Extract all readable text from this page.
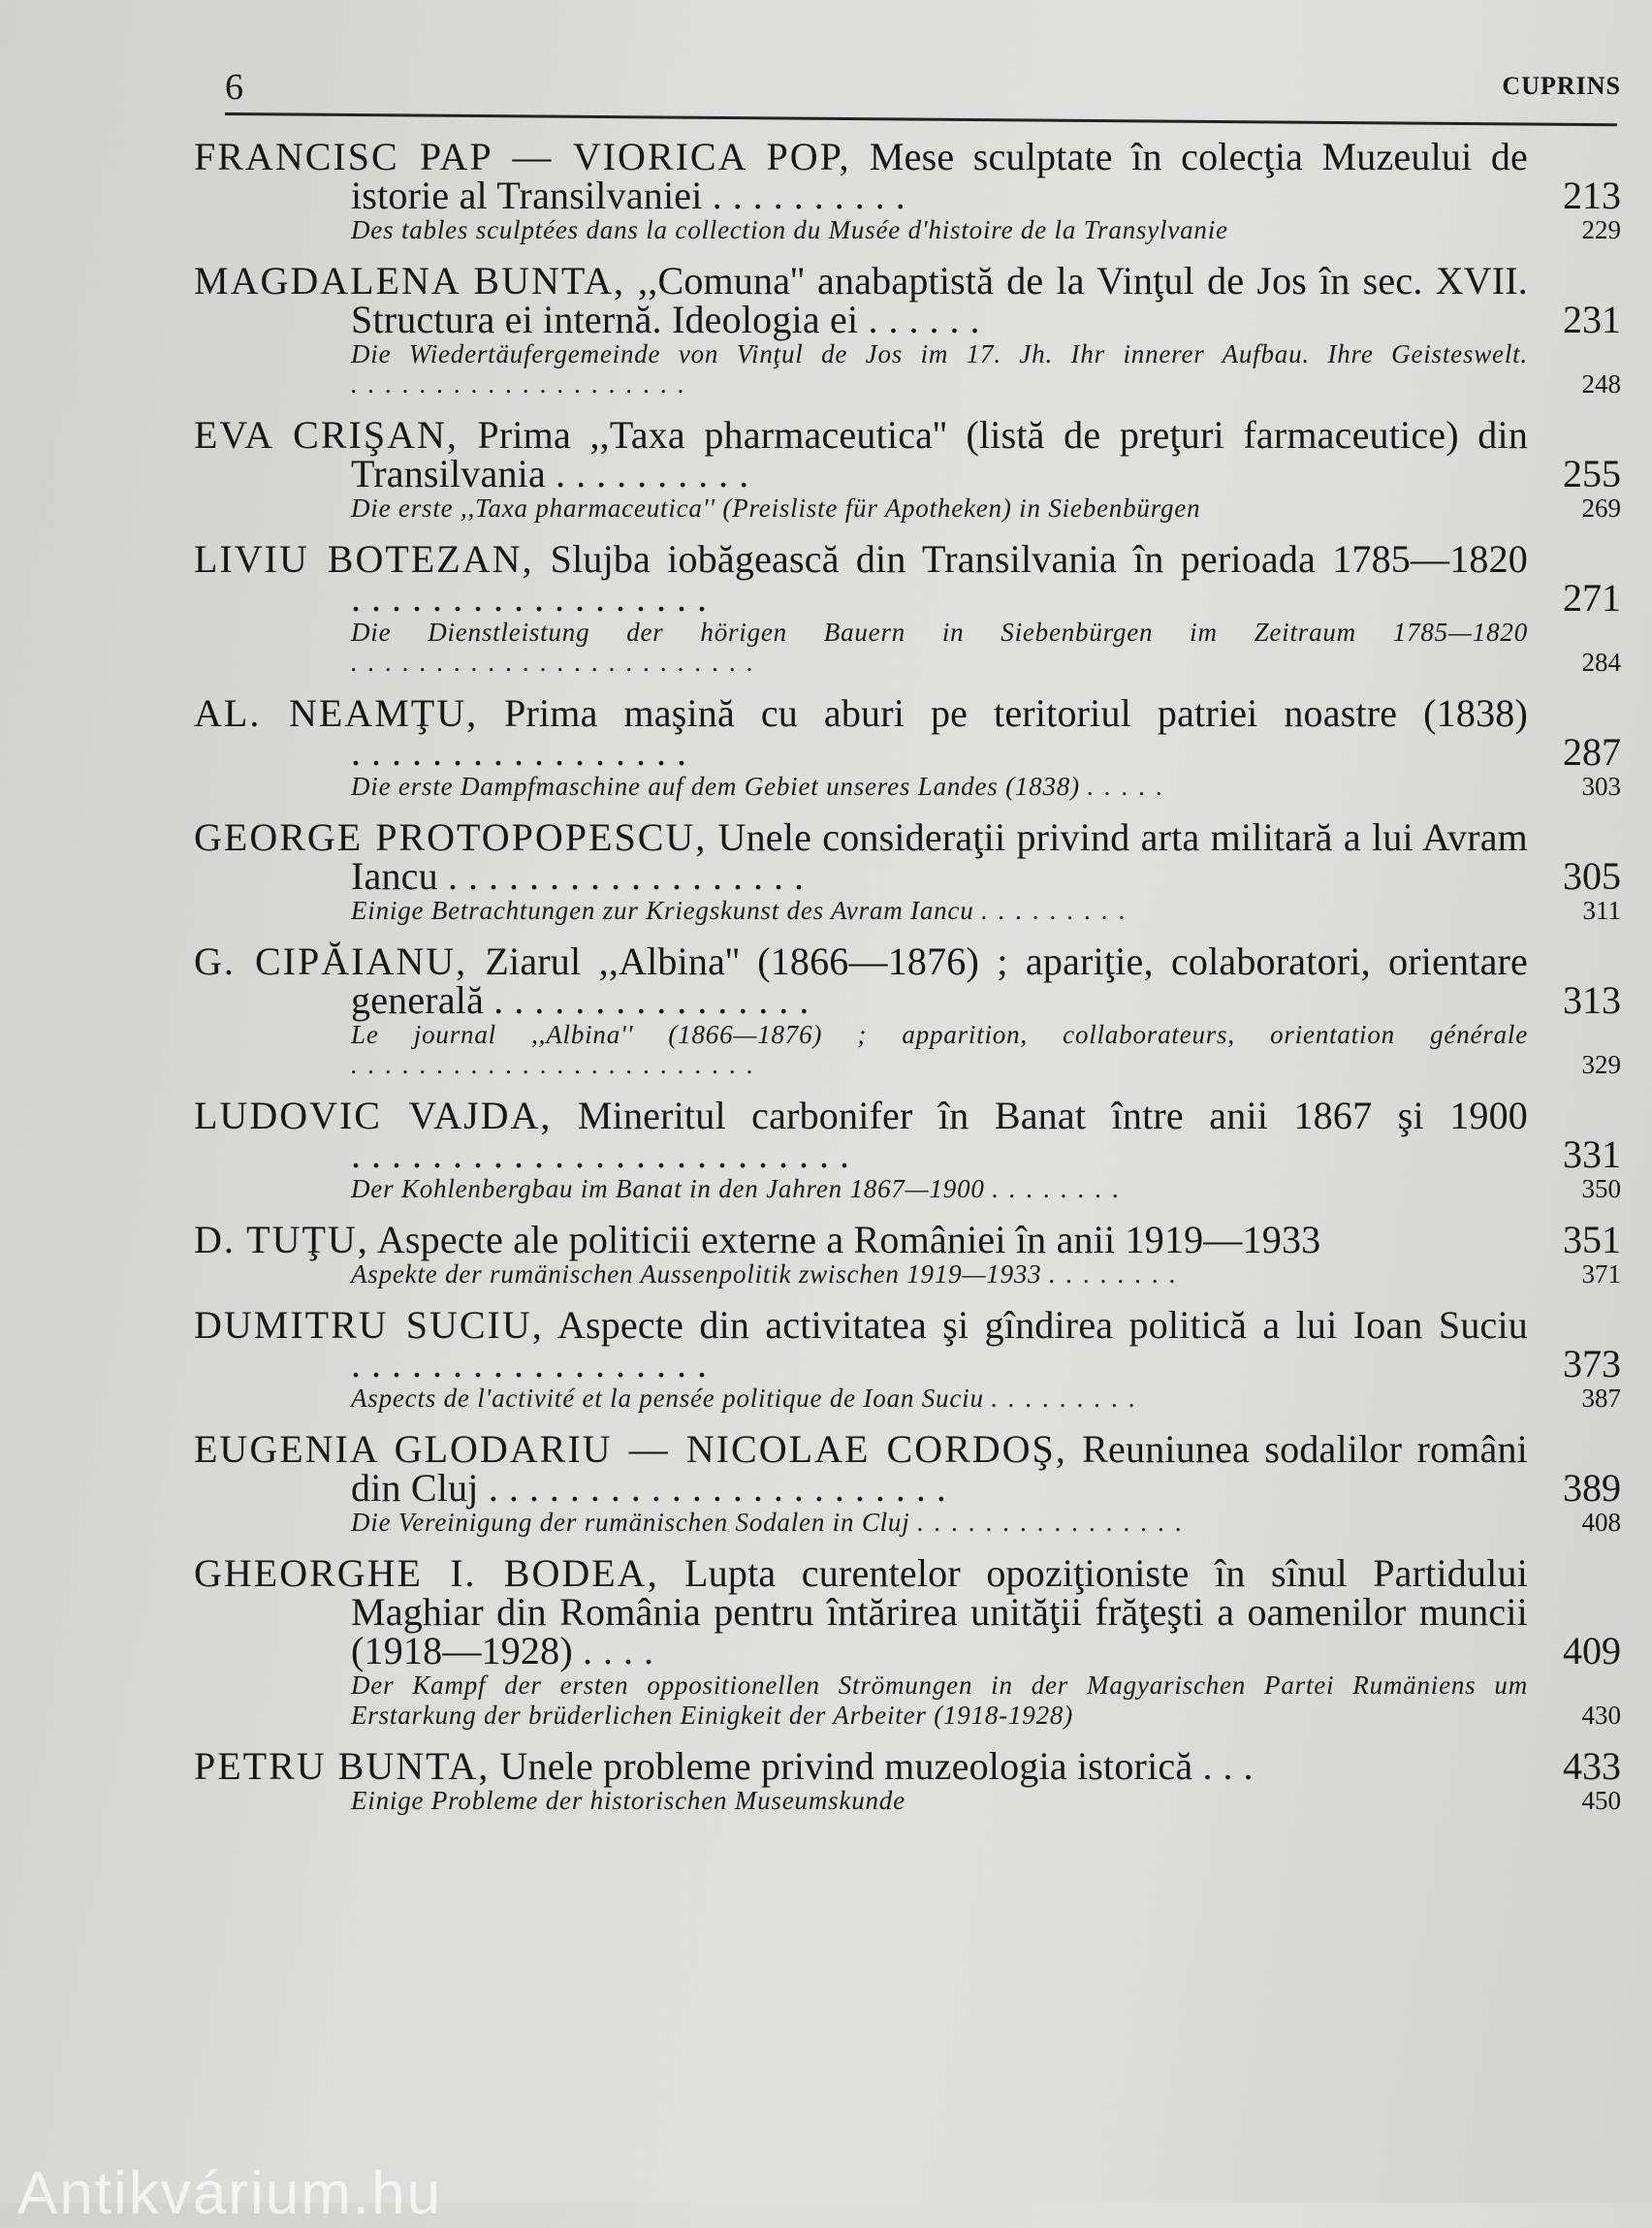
6	CUPRINS
FRANCISC PAP — VIORICA POP, Mese sculptate în colecţia Muzeului de istorie al Transilvaniei ..........	213
Des tables sculptées dans la collection du Musée d'histoire de la Transylvanie	229
MAGDALENA BUNTA, ,,Comuna'' anabaptistă de la Vinţul de Jos în sec. XVII. Structura ei internă. Ideologia ei ......	231
Die Wiedertäufergemeinde von Vinţul de Jos im 17. Jh. Ihr innerer Aufbau. Ihre Geisteswelt. ....................	248
EVA CRIŞAN, Prima ,,Taxa pharmaceutica'' (listă de preţuri farmaceutice) din Transilvania ..........	255
Die erste ,,Taxa pharmaceutica'' (Preisliste für Apotheken) in Siebenbürgen	269
LIVIU BOTEZAN, Slujba iobăgească din Transilvania în perioada 1785—1820 ..................	271
Die Dienstleistung der hörigen Bauern in Siebenbürgen im Zeitraum 1785—1820 ........................	284
AL. NEAMŢU, Prima maşină cu aburi pe teritoriul patriei noastre (1838) .................	287
Die erste Dampfmaschine auf dem Gebiet unseres Landes (1838) .....	303
GEORGE PROTOPOPESCU, Unele consideraţii privind arta militară a lui Avram Iancu ..................	305
Einige Betrachtungen zur Kriegskunst des Avram Iancu .........	311
G. CIPĂIANU, Ziarul ,,Albina'' (1866—1876) ; apariţie, colaboratori, orientare generală ................	313
Le journal ,,Albina'' (1866—1876) ; apparition, collaborateurs, orientation générale ........................	329
LUDOVIC VAJDA, Mineritul carbonifer în Banat între anii 1867 şi 1900 .........................	331
Der Kohlenbergbau im Banat in den Jahren 1867—1900 ........	350
D. TUŢU, Aspecte ale politicii externe a României în anii 1919—1933	351
Aspekte der rumänischen Aussenpolitik zwischen 1919—1933 ........	371
DUMITRU SUCIU, Aspecte din activitatea şi gîndirea politică a lui Ioan Suciu ..................	373
Aspects de l'activité et la pensée politique de Ioan Suciu .........	387
EUGENIA GLODARIU — NICOLAE CORDOŞ, Reuniunea sodalilor români din Cluj .......................	389
Die Vereinigung der rumänischen Sodalen in Cluj ................	408
GHEORGHE I. BODEA, Lupta curentelor opoziţioniste în sînul Partidului Maghiar din România pentru întărirea unităţii frăţeşti a oamenilor muncii (1918—1928) ....	409
Der Kampf der ersten oppositionellen Strömungen in der Magyarischen Partei Rumäniens um Erstarkung der brüderlichen Einigkeit der Arbeiter (1918-1928)	430
PETRU BUNTA, Unele probleme privind muzeologia istorică ...	433
Einige Probleme der historischen Museumskunde	450
Antikvárium.hu
